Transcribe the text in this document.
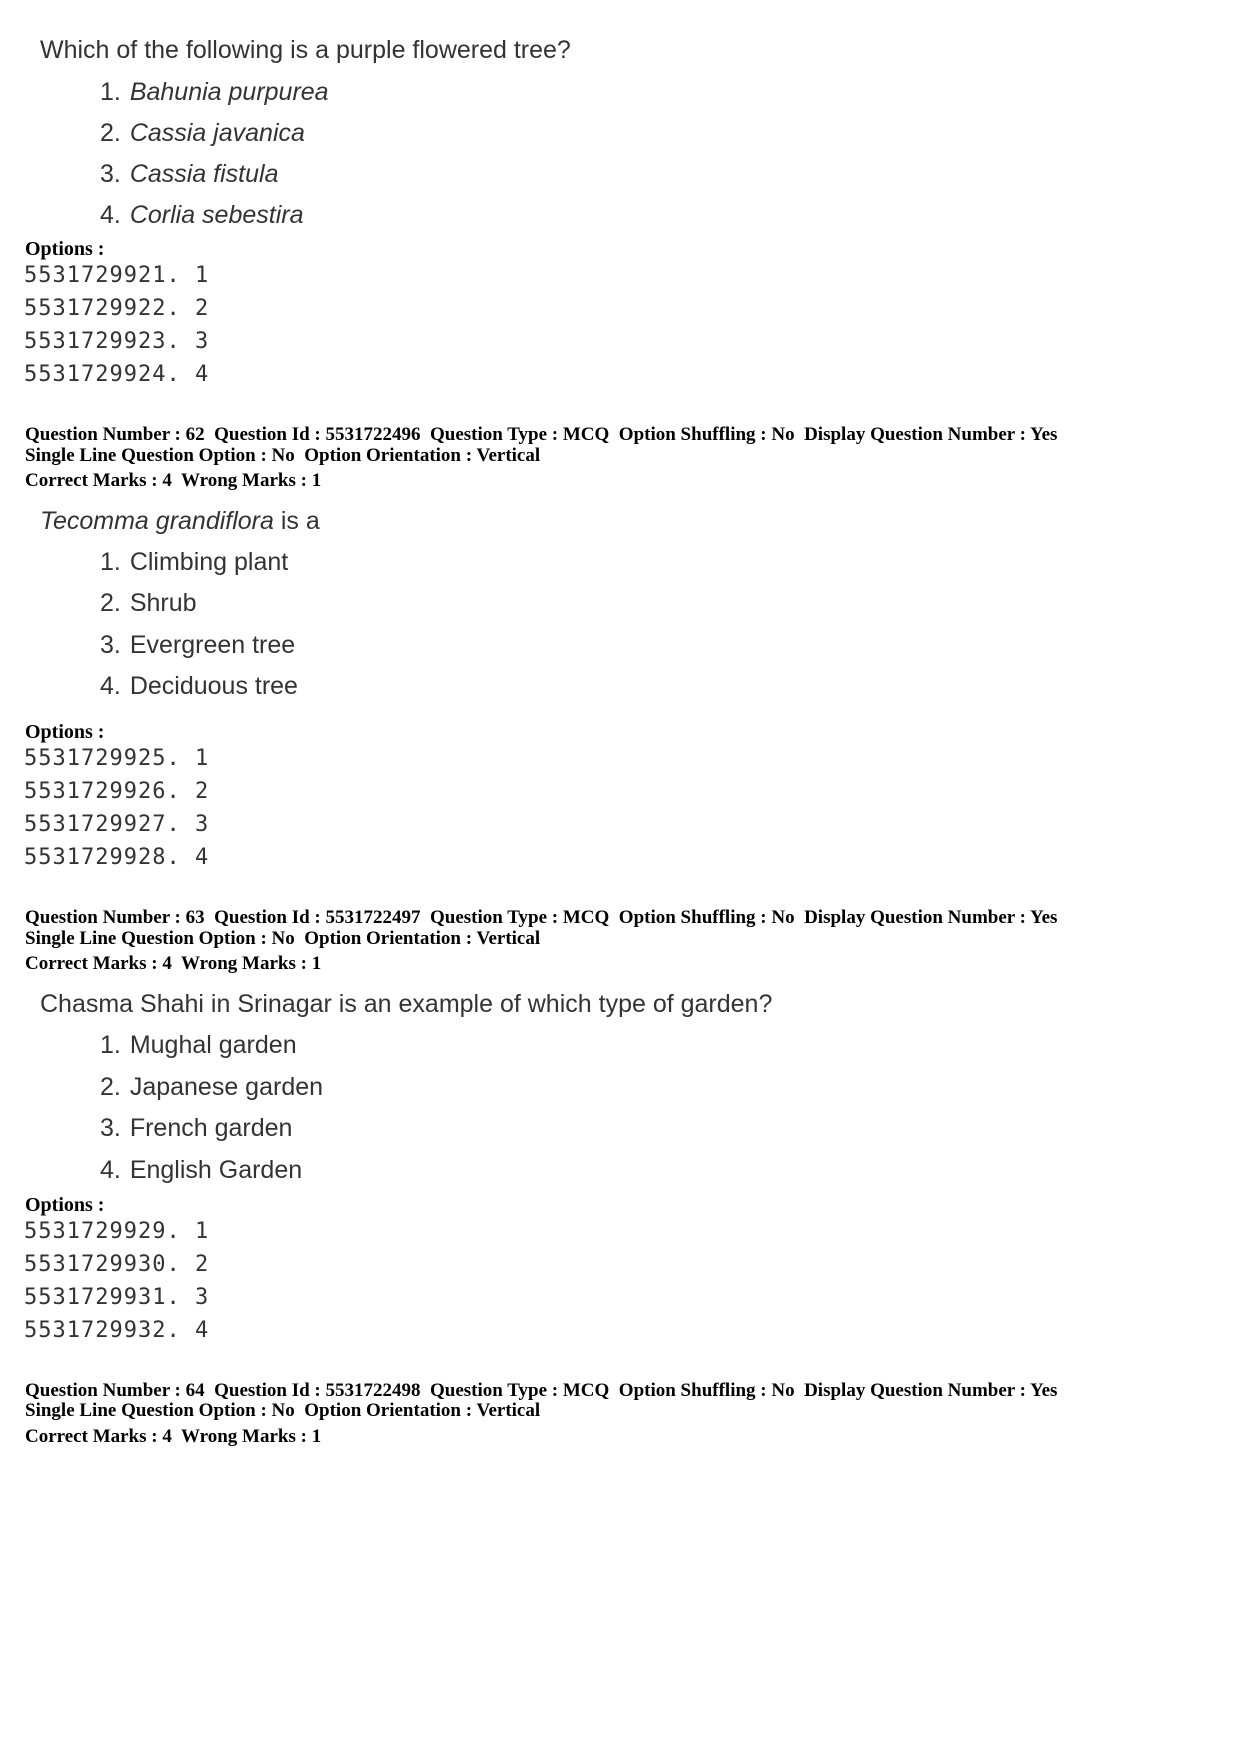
Which of the following is a purple flowered tree?
1. Bahunia purpurea
2. Cassia javanica
3. Cassia fistula
4. Corlia sebestira
Options :
5531729921. 1
5531729922. 2
5531729923. 3
5531729924. 4
Question Number : 62  Question Id : 5531722496  Question Type : MCQ  Option Shuffling : No  Display Question Number : Yes
Single Line Question Option : No  Option Orientation : Vertical
Correct Marks : 4  Wrong Marks : 1
Tecomma grandiflora is a
1. Climbing plant
2. Shrub
3. Evergreen tree
4. Deciduous tree
Options :
5531729925. 1
5531729926. 2
5531729927. 3
5531729928. 4
Question Number : 63  Question Id : 5531722497  Question Type : MCQ  Option Shuffling : No  Display Question Number : Yes
Single Line Question Option : No  Option Orientation : Vertical
Correct Marks : 4  Wrong Marks : 1
Chasma Shahi in Srinagar is an example of which type of garden?
1. Mughal garden
2. Japanese garden
3. French garden
4. English Garden
Options :
5531729929. 1
5531729930. 2
5531729931. 3
5531729932. 4
Question Number : 64  Question Id : 5531722498  Question Type : MCQ  Option Shuffling : No  Display Question Number : Yes
Single Line Question Option : No  Option Orientation : Vertical
Correct Marks : 4  Wrong Marks : 1
